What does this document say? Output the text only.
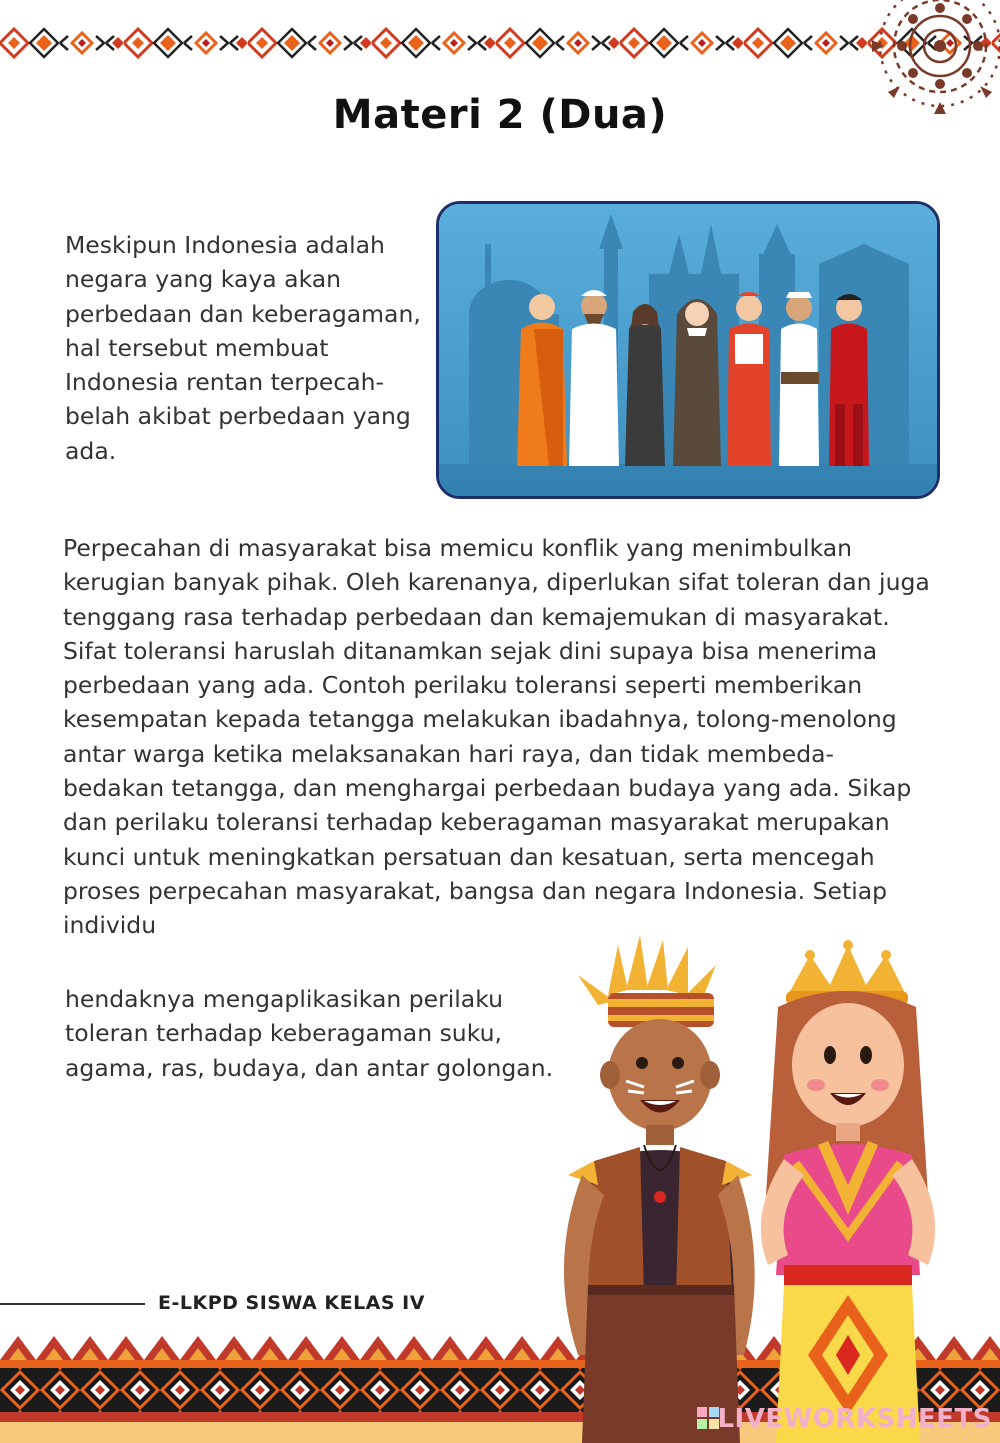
Materi 2 (Dua)

Meskipun Indonesia adalah negara yang kaya akan perbedaan dan keberagaman, hal tersebut membuat Indonesia rentan terpecah-belah akibat perbedaan yang ada.

Perpecahan di masyarakat bisa memicu konflik yang menimbulkan kerugian banyak pihak. Oleh karenanya, diperlukan sifat toleran dan juga tenggang rasa terhadap perbedaan dan kemajemukan di masyarakat. Sifat toleransi haruslah ditanamkan sejak dini supaya bisa menerima perbedaan yang ada. Contoh perilaku toleransi seperti memberikan kesempatan kepada tetangga melakukan ibadahnya, tolong-menolong antar warga ketika melaksanakan hari raya, dan tidak membeda-bedakan tetangga, dan menghargai perbedaan budaya yang ada. Sikap dan perilaku toleransi terhadap keberagaman masyarakat merupakan kunci untuk meningkatkan persatuan dan kesatuan, serta mencegah proses perpecahan masyarakat, bangsa dan negara Indonesia. Setiap individu

hendaknya mengaplikasikan perilaku toleran terhadap keberagaman suku, agama, ras, budaya, dan antar golongan.

E-LKPD SISWA KELAS IV
LIVEWORKSHEETS
